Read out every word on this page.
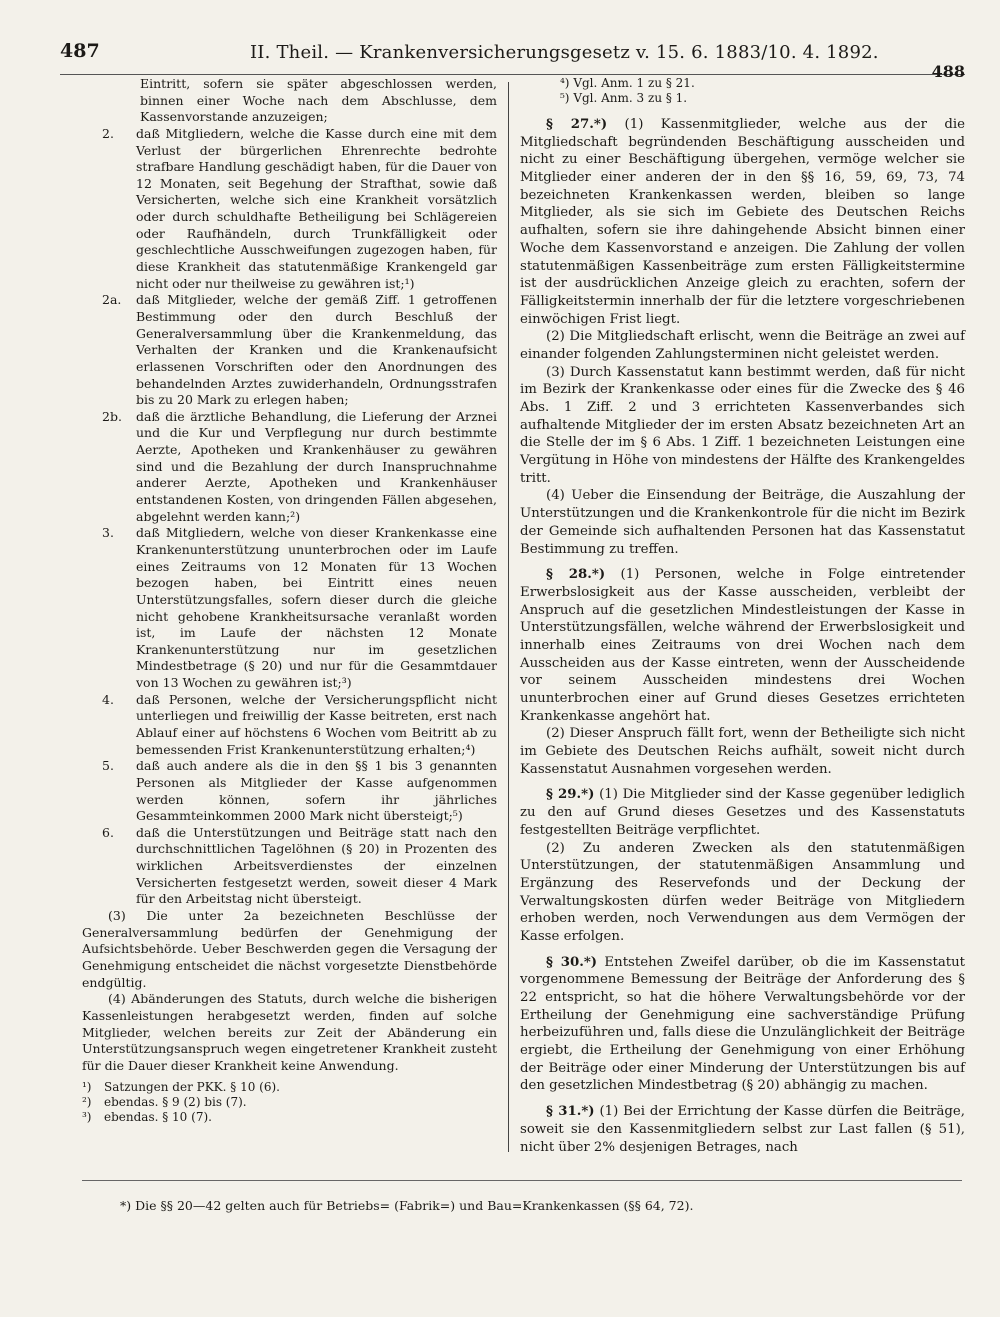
487	II. Theil. — Krankenversicherungsgesetz v. 15. 6. 1883/10. 4. 1892.
488

Eintritt, sofern sie später abgeschlossen werden, binnen einer Woche nach dem Abschlusse, dem Kassenvorstande anzuzeigen;

2. daß Mitgliedern, welche die Kasse durch eine mit dem Verlust der bürgerlichen Ehrenrechte bedrohte strafbare Handlung geschädigt haben, für die Dauer von 12 Monaten, seit Begehung der Strafthat, sowie daß Versicherten, welche sich eine Krankheit vorsätzlich oder durch schuldhafte Betheiligung bei Schlägereien oder Raufhändeln, durch Trunkfälligkeit oder geschlechtliche Ausschweifungen zugezogen haben, für diese Krankheit das statutenmäßige Krankengeld gar nicht oder nur theilweise zu gewähren ist;¹)
2a. daß Mitglieder, welche der gemäß Ziff. 1 getroffenen Bestimmung oder den durch Beschluß der Generalversammlung über die Krankenmeldung, das Verhalten der Kranken und die Krankenaufsicht erlassenen Vorschriften oder den Anordnungen des behandelnden Arztes zuwiderhandeln, Ordnungsstrafen bis zu 20 Mark zu erlegen haben;
2b. daß die ärztliche Behandlung, die Lieferung der Arznei und die Kur und Verpflegung nur durch bestimmte Aerzte, Apotheken und Krankenhäuser zu gewähren sind und die Bezahlung der durch Inanspruchnahme anderer Aerzte, Apotheken und Krankenhäuser entstandenen Kosten, von dringenden Fällen abgesehen, abgelehnt werden kann;²)
3. daß Mitgliedern, welche von dieser Krankenkasse eine Krankenunterstützung ununterbrochen oder im Laufe eines Zeitraums von 12 Monaten für 13 Wochen bezogen haben, bei Eintritt eines neuen Unterstützungsfalles, sofern dieser durch die gleiche nicht gehobene Krankheitsursache veranlaßt worden ist, im Laufe der nächsten 12 Monate Krankenunterstützung nur im gesetzlichen Mindestbetrage (§ 20) und nur für die Gesammtdauer von 13 Wochen zu gewähren ist;³)
4. daß Personen, welche der Versicherungspflicht nicht unterliegen und freiwillig der Kasse beitreten, erst nach Ablauf einer auf höchstens 6 Wochen vom Beitritt ab zu bemessenden Frist Krankenunterstützung erhalten;⁴)
5. daß auch andere als die in den §§ 1 bis 3 genannten Personen als Mitglieder der Kasse aufgenommen werden können, sofern ihr jährliches Gesammteinkommen 2000 Mark nicht übersteigt;⁵)
6. daß die Unterstützungen und Beiträge statt nach den durchschnittlichen Tagelöhnen (§ 20) in Prozenten des wirklichen Arbeitsverdienstes der einzelnen Versicherten festgesetzt werden, soweit dieser 4 Mark für den Arbeitstag nicht übersteigt.

(3) Die unter 2a bezeichneten Beschlüsse der Generalversammlung bedürfen der Genehmigung der Aufsichtsbehörde. Ueber Beschwerden gegen die Versagung der Genehmigung entscheidet die nächst vorgesetzte Dienstbehörde endgültig.

(4) Abänderungen des Statuts, durch welche die bisherigen Kassenleistungen herabgesetzt werden, finden auf solche Mitglieder, welchen bereits zur Zeit der Abänderung ein Unterstützungsanspruch wegen eingetretener Krankheit zusteht für die Dauer dieser Krankheit keine Anwendung.

¹) Satzungen der PKK. § 10 (6).
²) ebendas. § 9 (2) bis (7).
³) ebendas. § 10 (7).
⁴) Vgl. Anm. 1 zu § 21.
⁵) Vgl. Anm. 3 zu § 1.

§ 27.*) (1) Kassenmitglieder, welche aus der die Mitgliedschaft begründenden Beschäftigung ausscheiden und nicht zu einer Beschäftigung übergehen, vermöge welcher sie Mitglieder einer anderen der in den §§ 16, 59, 69, 73, 74 bezeichneten Krankenkassen werden, bleiben so lange Mitglieder, als sie sich im Gebiete des Deutschen Reichs aufhalten, sofern sie ihre dahingehende Absicht binnen einer Woche dem Kassenvorstand e anzeigen. Die Zahlung der vollen statutenmäßigen Kassenbeiträge zum ersten Fälligkeitstermine ist der ausdrücklichen Anzeige gleich zu erachten, sofern der Fälligkeitstermin innerhalb der für die letztere vorgeschriebenen einwöchigen Frist liegt.

(2) Die Mitgliedschaft erlischt, wenn die Beiträge an zwei auf einander folgenden Zahlungsterminen nicht geleistet werden.

(3) Durch Kassenstatut kann bestimmt werden, daß für nicht im Bezirk der Krankenkasse oder eines für die Zwecke des § 46 Abs. 1 Ziff. 2 und 3 errichteten Kassenverbandes sich aufhaltende Mitglieder der im ersten Absatz bezeichneten Art an die Stelle der im § 6 Abs. 1 Ziff. 1 bezeichneten Leistungen eine Vergütung in Höhe von mindestens der Hälfte des Krankengeldes tritt.

(4) Ueber die Einsendung der Beiträge, die Auszahlung der Unterstützungen und die Krankenkontrole für die nicht im Bezirk der Gemeinde sich aufhaltenden Personen hat das Kassenstatut Bestimmung zu treffen.

§ 28.*) (1) Personen, welche in Folge eintretender Erwerbslosigkeit aus der Kasse ausscheiden, verbleibt der Anspruch auf die gesetzlichen Mindestleistungen der Kasse in Unterstützungsfällen, welche während der Erwerbslosigkeit und innerhalb eines Zeitraums von drei Wochen nach dem Ausscheiden aus der Kasse eintreten, wenn der Ausscheidende vor seinem Ausscheiden mindestens drei Wochen ununterbrochen einer auf Grund dieses Gesetzes errichteten Krankenkasse angehört hat.

(2) Dieser Anspruch fällt fort, wenn der Betheiligte sich nicht im Gebiete des Deutschen Reichs aufhält, soweit nicht durch Kassenstatut Ausnahmen vorgesehen werden.

§ 29.*) (1) Die Mitglieder sind der Kasse gegenüber lediglich zu den auf Grund dieses Gesetzes und des Kassenstatuts festgestellten Beiträge verpflichtet.

(2) Zu anderen Zwecken als den statutenmäßigen Unterstützungen, der statutenmäßigen Ansammlung und Ergänzung des Reservefonds und der Deckung der Verwaltungskosten dürfen weder Beiträge von Mitgliedern erhoben werden, noch Verwendungen aus dem Vermögen der Kasse erfolgen.

§ 30.*) Entstehen Zweifel darüber, ob die im Kassenstatut vorgenommene Bemessung der Beiträge der Anforderung des § 22 entspricht, so hat die höhere Verwaltungsbehörde vor der Ertheilung der Genehmigung eine sachverständige Prüfung herbeizuführen und, falls diese die Unzulänglichkeit der Beiträge ergiebt, die Ertheilung der Genehmigung von einer Erhöhung der Beiträge oder einer Minderung der Unterstützungen bis auf den gesetzlichen Mindestbetrag (§ 20) abhängig zu machen.

§ 31.*) (1) Bei der Errichtung der Kasse dürfen die Beiträge, soweit sie den Kassenmitgliedern selbst zur Last fallen (§ 51), nicht über 2% desjenigen Betrages, nach

*) Die §§ 20—42 gelten auch für Betriebs= (Fabrik=) und Bau=Krankenkassen (§§ 64, 72).
